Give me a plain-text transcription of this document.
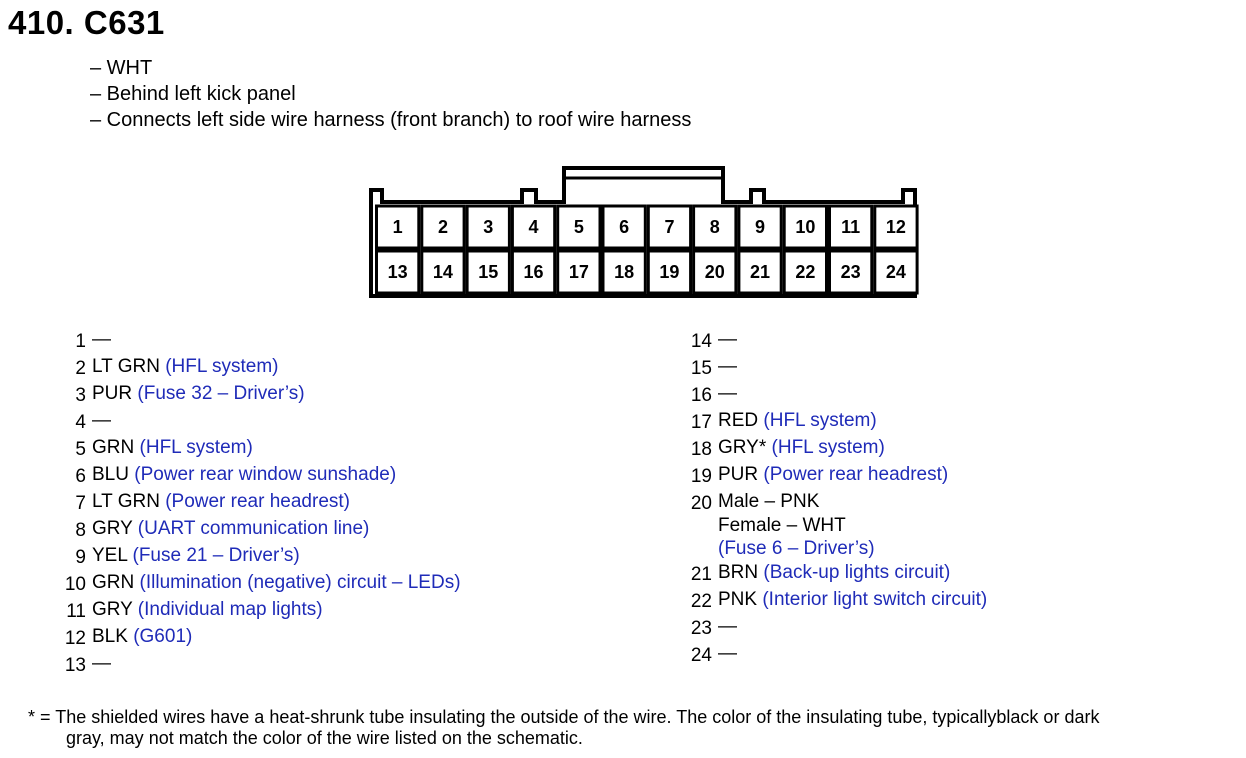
410. C631
– WHT
– Behind left kick panel
– Connects left side wire harness (front branch) to roof wire harness
1 2 3 4 5 6 7 8 9 10 11 12
13 14 15 16 17 18 19 20 21 22 23 24
1 —
2 LT GRN (HFL system)
3 PUR (Fuse 32 – Driver’s)
4 —
5 GRN (HFL system)
6 BLU (Power rear window sunshade)
7 LT GRN (Power rear headrest)
8 GRY (UART communication line)
9 YEL (Fuse 21 – Driver’s)
10 GRN (Illumination (negative) circuit – LEDs)
11 GRY (Individual map lights)
12 BLK (G601)
13 —
14 —
15 —
16 —
17 RED (HFL system)
18 GRY* (HFL system)
19 PUR (Power rear headrest)
20 Male – PNK
Female – WHT
(Fuse 6 – Driver’s)
21 BRN (Back-up lights circuit)
22 PNK (Interior light switch circuit)
23 —
24 —
* = The shielded wires have a heat-shrunk tube insulating the outside of the wire. The color of the insulating tube, typicallyblack or dark
gray, may not match the color of the wire listed on the schematic.
